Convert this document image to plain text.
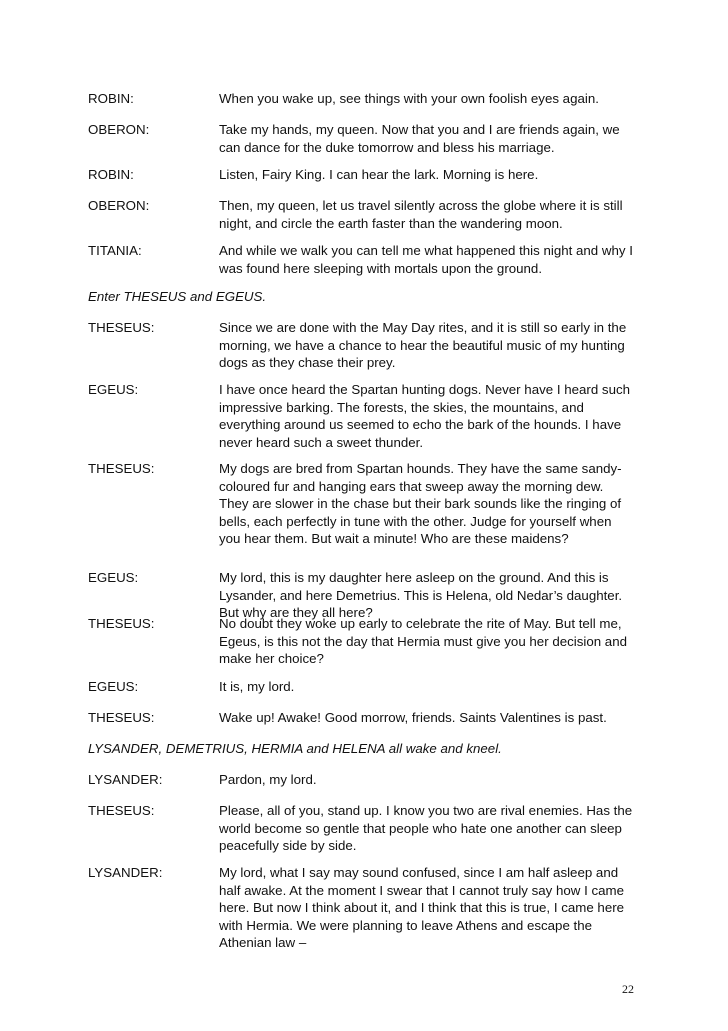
ROBIN:	When you wake up, see things with your own foolish eyes again.
OBERON:	Take my hands, my queen. Now that you and I are friends again, we
can dance for the duke tomorrow and bless his marriage.
ROBIN:	Listen, Fairy King. I can hear the lark. Morning is here.
OBERON:	Then, my queen, let us travel silently across the globe where it is still
night, and circle the earth faster than the wandering moon.
TITANIA:	And while we walk you can tell me what happened this night and why I
was found here sleeping with mortals upon the ground.
Enter THESEUS and EGEUS.
THESEUS:	Since we are done with the May Day rites, and it is still so early in the
morning, we have a chance to hear the beautiful music of my hunting
dogs as they chase their prey.
EGEUS:	I have once heard the Spartan hunting dogs. Never have I heard such
impressive barking. The forests, the skies, the mountains, and
everything around us seemed to echo the bark of the hounds. I have
never heard such a sweet thunder.
THESEUS:	My dogs are bred from Spartan hounds. They have the same sandy-
coloured fur and hanging ears that sweep away the morning dew.
They are slower in the chase but their bark sounds like the ringing of
bells, each perfectly in tune with the other. Judge for yourself when
you hear them. But wait a minute! Who are these maidens?
EGEUS:	My lord, this is my daughter here asleep on the ground. And this is
Lysander, and here Demetrius. This is Helena, old Nedar’s daughter.
But why are they all here?
THESEUS:	No doubt they woke up early to celebrate the rite of May. But tell me,
Egeus, is this not the day that Hermia must give you her decision and
make her choice?
EGEUS:	It is, my lord.
THESEUS:	Wake up! Awake! Good morrow, friends. Saints Valentines is past.
LYSANDER, DEMETRIUS, HERMIA and HELENA all wake and kneel.
LYSANDER:	Pardon, my lord.
THESEUS:	Please, all of you, stand up. I know you two are rival enemies. Has the
world become so gentle that people who hate one another can sleep
peacefully side by side.
LYSANDER:	My lord, what I say may sound confused, since I am half asleep and
half awake. At the moment I swear that I cannot truly say how I came
here. But now I think about it, and I think that this is true, I came here
with Hermia. We were planning to leave Athens and escape the
Athenian law –
22
